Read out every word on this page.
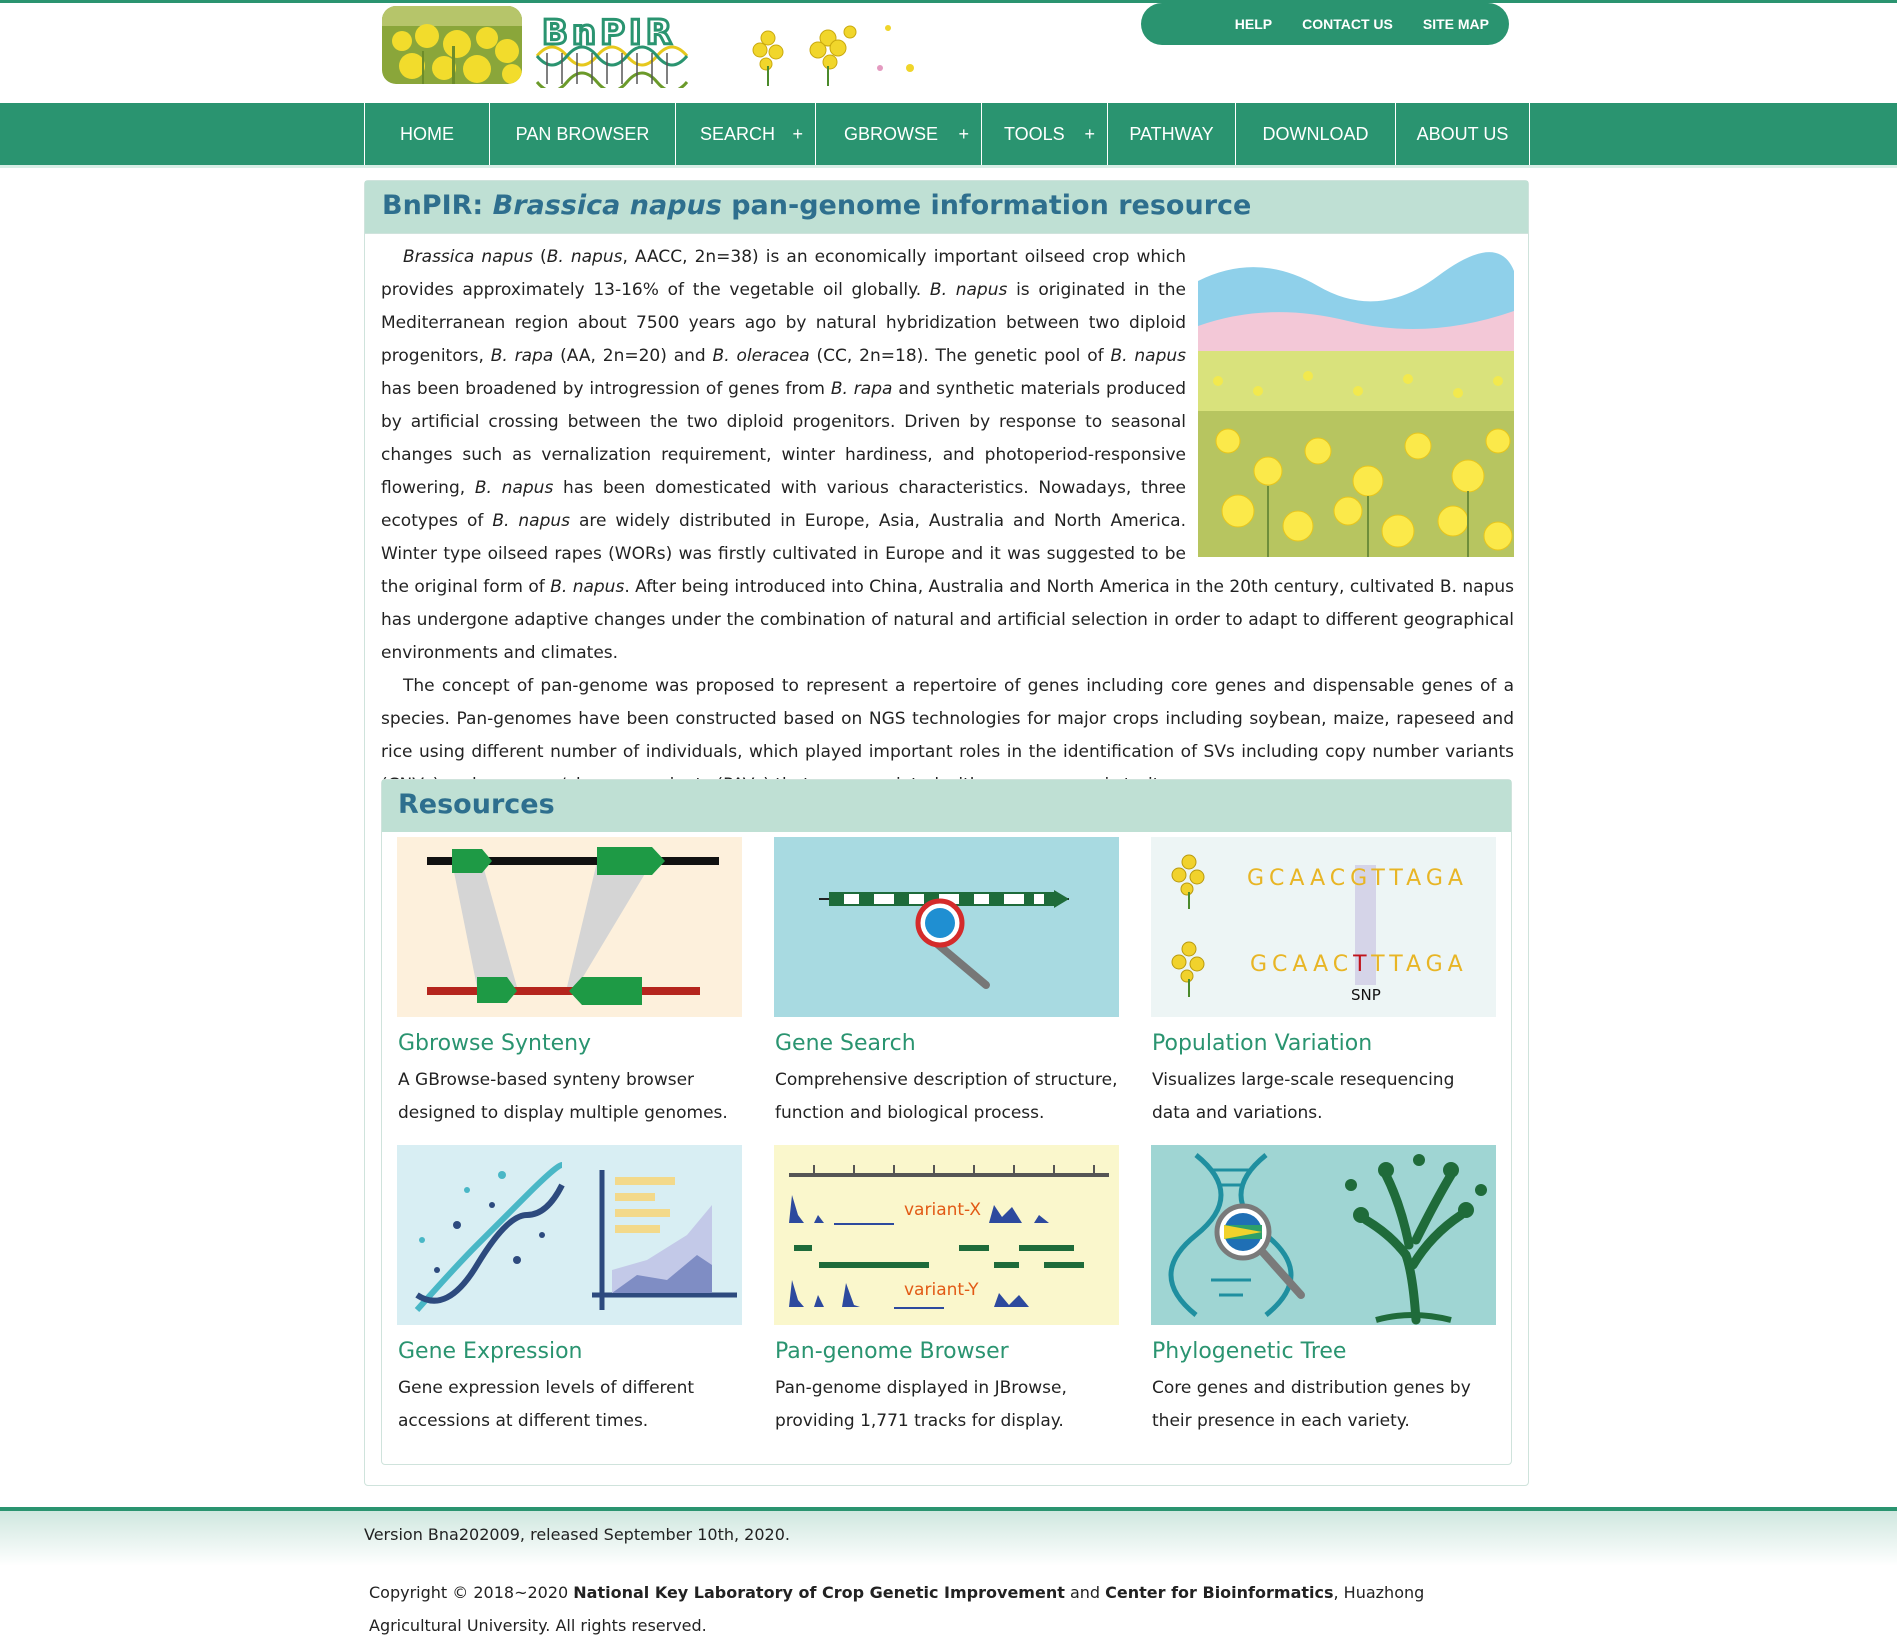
BnPIR	HELP CONTACT US SITE MAP
HOME	PAN BROWSER	SEARCH + GBROWSE + TOOLS + PATHWAY	DOWNLOAD	ABOUT US
BnPIR: Brassica napus pan-genome information resource

Brassica napus (B. napus, AACC, 2n=38) is an economically important oilseed crop which provides approximately 13-16% of the vegetable oil globally. B. napus is originated in the Mediterranean region about 7500 years ago by natural hybridization between two diploid progenitors, B. rapa (AA, 2n=20) and B. oleracea (CC, 2n=18). The genetic pool of B. napus has been broadened by introgression of genes from B. rapa and synthetic materials produced by artificial crossing between the two diploid progenitors. Driven by response to seasonal changes such as vernalization requirement, winter hardiness, and photoperiod-responsive flowering, B. napus has been domesticated with various characteristics. Nowadays, three ecotypes of B. napus are widely distributed in Europe, Asia, Australia and North America. Winter type oilseed rapes (WORs) was firstly cultivated in Europe and it was suggested to be the original form of B. napus. After being introduced into China, Australia and North America in the 20th century, cultivated B. napus has undergone adaptive changes under the combination of natural and artificial selection in order to adapt to different geographical environments and climates.

The concept of pan-genome was proposed to represent a repertoire of genes including core genes and dispensable genes of a species. Pan-genomes have been constructed based on NGS technologies for major crops including soybean, maize, rapeseed and rice using different number of individuals, which played important roles in the identification of SVs including copy number variants

Resources
Gbrowse Synteny
A GBrowse-based synteny browser designed to display multiple genomes.
Gene Search
Comprehensive description of structure, function and biological process.
GCAACGTTAGA
GCAACTTTAGA
SNP
Population Variation
Visualizes large-scale resequencing data and variations.
Gene Expression
Gene expression levels of different accessions at different times.
variant-X
variant-Y
Pan-genome Browser
Pan-genome displayed in JBrowse, providing 1,771 tracks for display.
Phylogenetic Tree
Core genes and distribution genes by their presence in each variety.
Version Bna202009, released September 10th, 2020.
Copyright © 2018~2020 National Key Laboratory of Crop Genetic Improvement and Center for Bioinformatics, Huazhong Agricultural University. All rights reserved.
